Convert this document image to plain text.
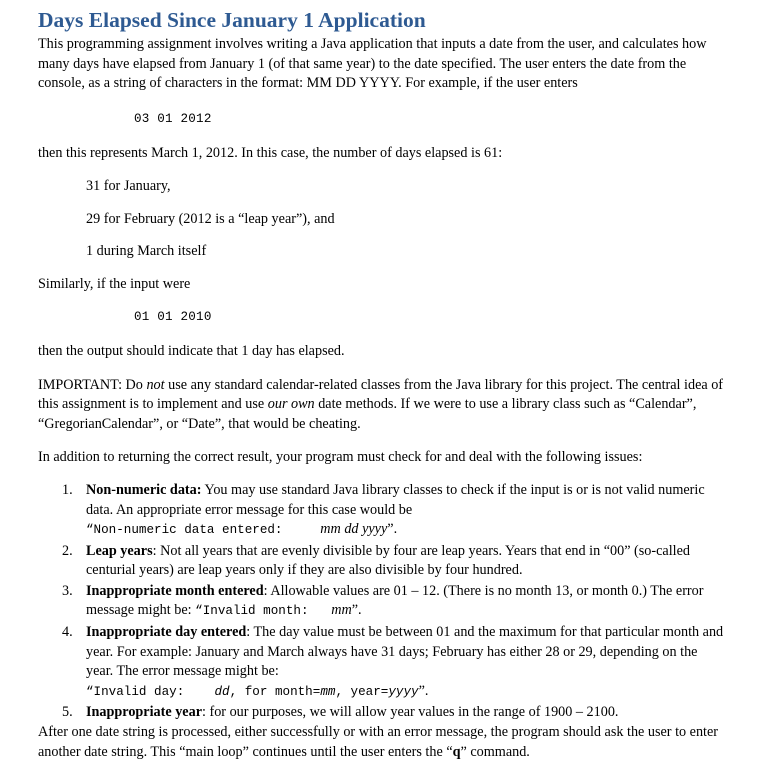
Days Elapsed Since January 1 Application

This programming assignment involves writing a Java application that inputs a date from the user, and calculates how many days have elapsed from January 1 (of that same year) to the date specified. The user enters the date from the console, as a string of characters in the format: MM DD YYYY. For example, if the user enters

03 01 2012

then this represents March 1, 2012. In this case, the number of days elapsed is 61:

31 for January,

29 for February (2012 is a “leap year”), and

1 during March itself

Similarly, if the input were

01 01 2010

then the output should indicate that 1 day has elapsed.

IMPORTANT: Do not use any standard calendar-related classes from the Java library for this project. The central idea of this assignment is to implement and use our own date methods. If we were to use a library class such as “Calendar”, “GregorianCalendar”, or “Date”, that would be cheating.

In addition to returning the correct result, your program must check for and deal with the following issues:

1. Non-numeric data: You may use standard Java library classes to check if the input is or is not valid numeric data. An appropriate error message for this case would be
“Non-numeric data entered:	mm dd yyyy”.
2. Leap years: Not all years that are evenly divisible by four are leap years. Years that end in “00” (so-called centurial years) are leap years only if they are also divisible by four hundred.
3. Inappropriate month entered: Allowable values are 01 – 12. (There is no month 13, or month 0.) The error message might be: “Invalid month: mm”.
4. Inappropriate day entered: The day value must be between 01 and the maximum for that particular month and year. For example: January and March always have 31 days; February has either 28 or 29, depending on the year. The error message might be:
“Invalid day: dd, for month=mm, year=yyyy”.
5. Inappropriate year: for our purposes, we will allow year values in the range of 1900 – 2100.

After one date string is processed, either successfully or with an error message, the program should ask the user to enter another date string. This “main loop” continues until the user enters the “q” command.
